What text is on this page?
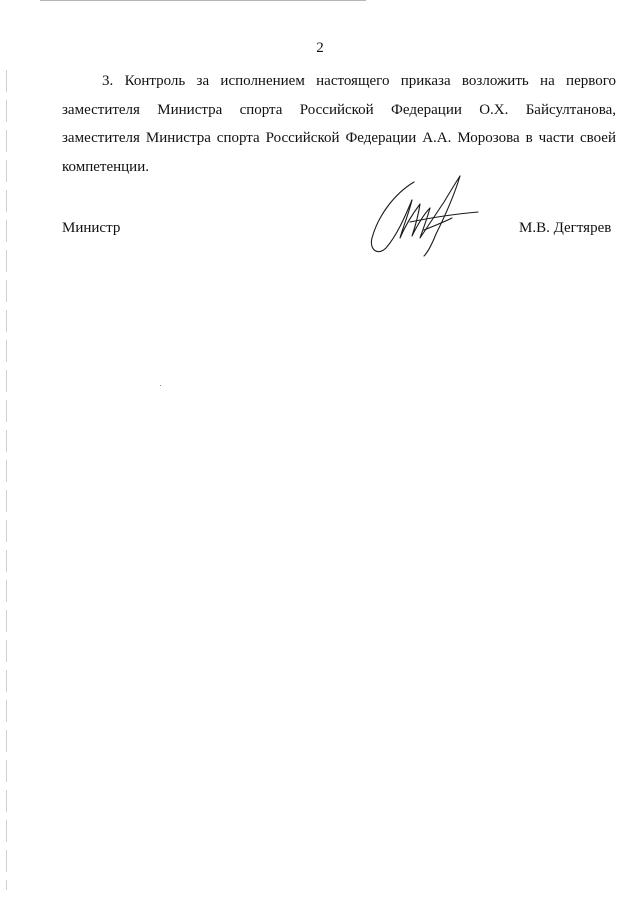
2

3. Контроль за исполнением настоящего приказа возложить на первого заместителя Министра спорта Российской Федерации О.Х. Байсултанова, заместителя Министра спорта Российской Федерации А.А. Морозова в части своей компетенции.

Министр	М.В. Дегтярев
